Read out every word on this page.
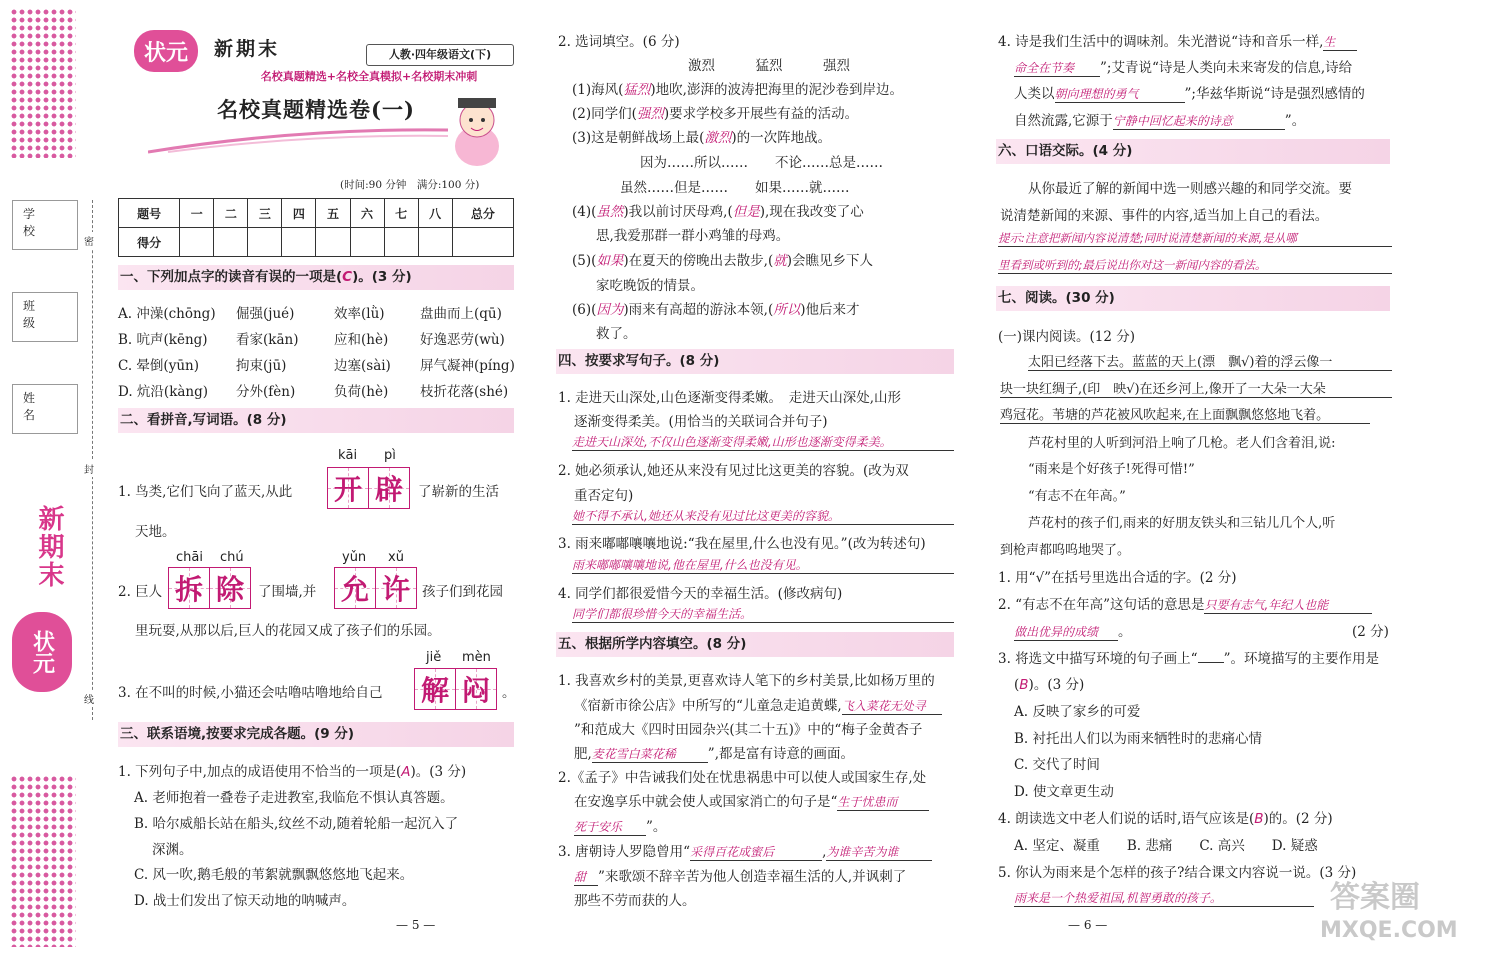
学校
班级
姓名
密
封
线
新期末
状元
状元	新期末	人教·四年级语文(下)
名校真题精选+名校全真模拟+名校期末冲刺
名校真题精选卷(一)
(时间:90 分钟　满分:100 分)
题号	一	二	三	四	五	六	七	八	总分
得分									
一、下列加点字的读音有误的一项是(C)。(3 分)
A. 冲澡(chōng)	倔强(jué)	效率(lǜ)	盘曲而上(qū)
B. 吭声(kēng)	看家(kān)	应和(hè)	好逸恶劳(wù)
C. 晕倒(yūn)	拘束(jū)	边塞(sài)	屏气凝神(píng)
D. 炕沿(kàng)	分外(fèn)	负荷(hè)	枝折花落(shé)
二、看拼音,写词语。(8 分)
kāi pì
1. 鸟类,它们飞向了蓝天,从此 开 辟 了崭新的生活
天地。
chāi chú	yǔn xǔ
2. 巨人 拆 除 了围墙,并 允 许 孩子们到花园
里玩耍,从那以后,巨人的花园又成了孩子们的乐园。
jiě mèn
3. 在不叫的时候,小猫还会咕噜咕噜地给自己 解 闷 。
三、联系语境,按要求完成各题。(9 分)
1. 下列句子中,加点的成语使用不恰当的一项是(A)。(3 分)
A. 老师抱着一叠卷子走进教室,我临危不惧认真答题。
B. 哈尔威船长站在船头,纹丝不动,随着轮船一起沉入了
深渊。
C. 风一吹,鹅毛般的苇絮就飘飘悠悠地飞起来。
D. 战士们发出了惊天动地的呐喊声。
— 5 —
2. 选词填空。(6 分)
激烈　　　猛烈　　　强烈
(1)海风(猛烈)地吹,澎湃的波涛把海里的泥沙卷到岸边。
(2)同学们(强烈)要求学校多开展些有益的活动。
(3)这是朝鲜战场上最(激烈)的一次阵地战。
因为……所以……　　不论……总是……
虽然……但是……　　如果……就……
(4)(虽然)我以前讨厌母鸡,(但是),现在我改变了心
思,我爱那群一群小鸡雏的母鸡。
(5)(如果)在夏天的傍晚出去散步,(就)会瞧见乡下人
家吃晚饭的情景。
(6)(因为)雨来有高超的游泳本领,(所以)他后来才
救了。
四、按要求写句子。(8 分)
1. 走进天山深处,山色逐渐变得柔嫩。　走进天山深处,山形
逐渐变得柔美。(用恰当的关联词合并句子)
走进天山深处,不仅山色逐渐变得柔嫩,山形也逐渐变得柔美。
2. 她必须承认,她还从来没有见过比这更美的容貌。(改为双
重否定句)
她不得不承认,她还从来没有见过比这更美的容貌。
3. 雨来嘟嘟嚷嚷地说:“我在屋里,什么也没有见。”(改为转述句)
雨来嘟嘟嚷嚷地说,他在屋里,什么也没有见。
4. 同学们都很爱惜今天的幸福生活。(修改病句)
同学们都很珍惜今天的幸福生活。
五、根据所学内容填空。(8 分)
1. 我喜欢乡村的美景,更喜欢诗人笔下的乡村美景,比如杨万里的
《宿新市徐公店》中所写的“儿童急走追黄蝶,飞入菜花无处寻
”和范成大《四时田园杂兴(其二十五)》中的“梅子金黄杏子
肥,麦花雪白菜花稀 ”,都是富有诗意的画面。
2.《孟子》中告诫我们处在忧患祸患中可以使人或国家生存,处
在安逸享乐中就会使人或国家消亡的句子是“生于忧患而
死于安乐 ”。
3. 唐朝诗人罗隐曾用“采得百花成蜜后	,为谁辛苦为谁
甜 ”来歌颂不辞辛苦为他人创造幸福生活的人,并讽刺了
那些不劳而获的人。
4. 诗是我们生活中的调味剂。朱光潜说“诗和音乐一样,生
命全在节奏 ”;艾青说“诗是人类向未来寄发的信息,诗给
人类以朝向理想的勇气	”;华兹华斯说“诗是强烈感情的
自然流露,它源于宁静中回忆起来的诗意	”。
六、口语交际。(4 分)
从你最近了解的新闻中选一则感兴趣的和同学交流。要
说清楚新闻的来源、事件的内容,适当加上自己的看法。
提示:注意把新闻内容说清楚;同时说清楚新闻的来源,是从哪
里看到或听到的;最后说出你对这一新闻内容的看法。
七、阅读。(30 分)
(一)课内阅读。(12 分)
太阳已经落下去。蓝蓝的天上(漂　飘√)着的浮云像一
块一块红绸子,(印　映√)在还乡河上,像开了一大朵一大朵
鸡冠花。苇塘的芦花被风吹起来,在上面飘飘悠悠地飞着。
芦花村里的人听到河沿上响了几枪。老人们含着泪,说:
“雨来是个好孩子!死得可惜!”
“有志不在年高。”
芦花村的孩子们,雨来的好朋友铁头和三钻儿几个人,听
到枪声都呜呜地哭了。
1. 用“√”在括号里选出合适的字。(2 分)
2. “有志不在年高”这句话的意思是只要有志气,年纪人也能
做出优异的成绩 。	(2 分)
3. 将选文中描写环境的句子画上“ ”。环境描写的主要作用是
(B)。(3 分)
A. 反映了家乡的可爱
B. 衬托出人们以为雨来牺牲时的悲痛心情
C. 交代了时间
D. 使文章更生动
4. 朗读选文中老人们说的话时,语气应该是(B)的。(2 分)
A. 坚定、凝重　　B. 悲痛　　C. 高兴　　D. 疑惑
5. 你认为雨来是个怎样的孩子?结合课文内容说一说。(3 分)
雨来是一个热爱祖国,机智勇敢的孩子。
— 6 —
答案圈
MXQE.COM
